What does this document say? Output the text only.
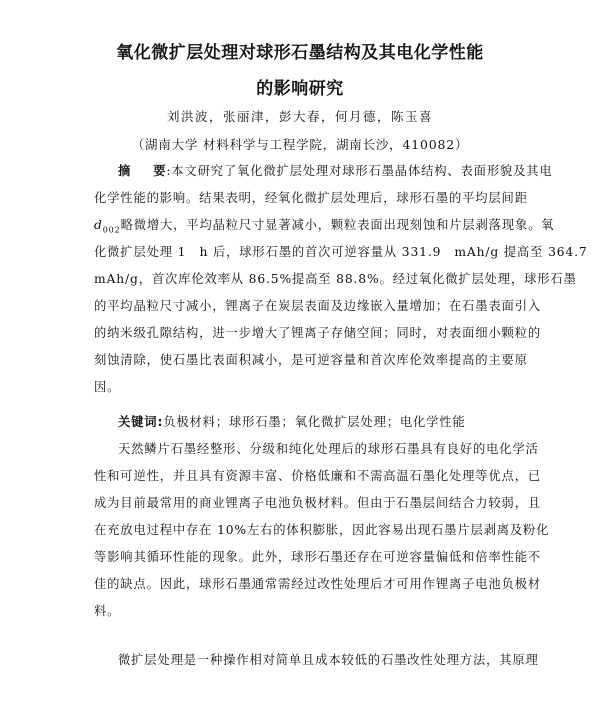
氧化微扩层处理对球形石墨结构及其电化学性能
的影响研究
刘洪波，张丽津，彭大春，何月德，陈玉喜
（湖南大学 材料科学与工程学院，湖南长沙，410082）
摘 要:本文研究了氧化微扩层处理对球形石墨晶体结构、表面形貌及其电
化学性能的影响。结果表明，经氧化微扩层处理后，球形石墨的平均层间距
$d_{002}$略微增大，平均晶粒尺寸显著减小，颗粒表面出现刻蚀和片层剥落现象。氧
化微扩层处理 1　h 后，球形石墨的首次可逆容量从 331.9　mAh/g 提高至 364.7
mAh/g，首次库伦效率从 86.5%提高至 88.8%。经过氧化微扩层处理，球形石墨
的平均晶粒尺寸减小，锂离子在炭层表面及边缘嵌入量增加；在石墨表面引入
的纳米级孔隙结构，进一步增大了锂离子存储空间；同时，对表面细小颗粒的
刻蚀清除，使石墨比表面积减小，是可逆容量和首次库伦效率提高的主要原
因。
关键词:负极材料；球形石墨；氧化微扩层处理；电化学性能
天然鳞片石墨经整形、分级和纯化处理后的球形石墨具有良好的电化学活
性和可逆性，并且具有资源丰富、价格低廉和不需高温石墨化处理等优点，已
成为目前最常用的商业锂离子电池负极材料。但由于石墨层间结合力较弱，且
在充放电过程中存在 10%左右的体积膨胀，因此容易出现石墨片层剥离及粉化
等影响其循环性能的现象。此外，球形石墨还存在可逆容量偏低和倍率性能不
佳的缺点。因此，球形石墨通常需经过改性处理后才可用作锂离子电池负极材
料。
微扩层处理是一种操作相对简单且成本较低的石墨改性处理方法，其原理
